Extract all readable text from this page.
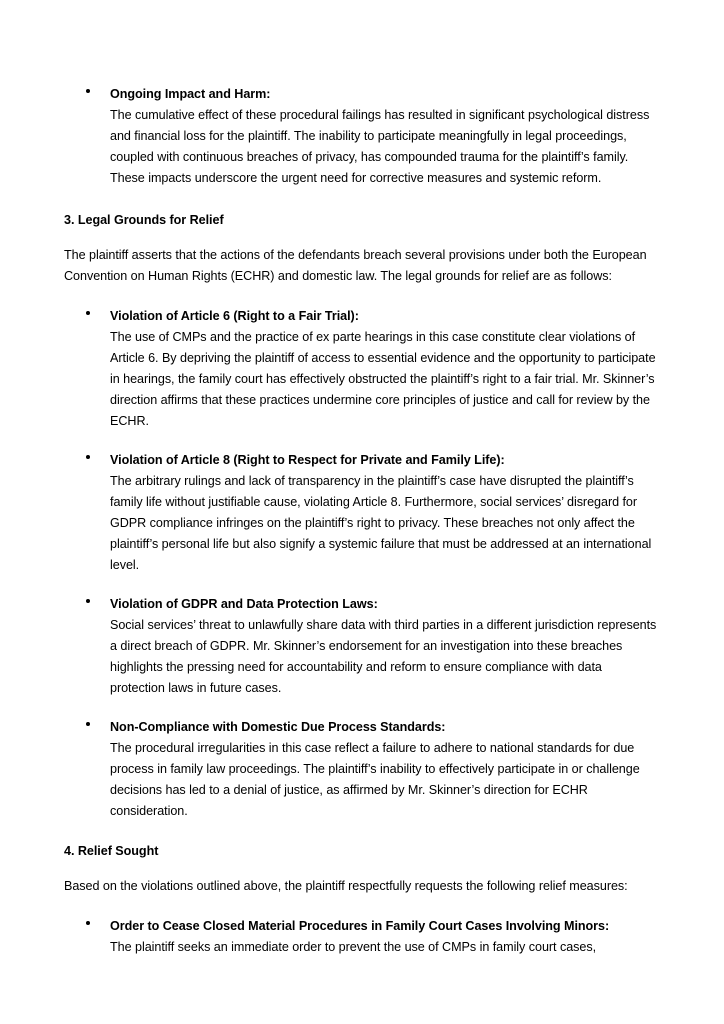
Ongoing Impact and Harm:
The cumulative effect of these procedural failings has resulted in significant psychological distress and financial loss for the plaintiff. The inability to participate meaningfully in legal proceedings, coupled with continuous breaches of privacy, has compounded trauma for the plaintiff’s family. These impacts underscore the urgent need for corrective measures and systemic reform.
3. Legal Grounds for Relief

The plaintiff asserts that the actions of the defendants breach several provisions under both the European Convention on Human Rights (ECHR) and domestic law. The legal grounds for relief are as follows:

Violation of Article 6 (Right to a Fair Trial):
The use of CMPs and the practice of ex parte hearings in this case constitute clear violations of Article 6. By depriving the plaintiff of access to essential evidence and the opportunity to participate in hearings, the family court has effectively obstructed the plaintiff’s right to a fair trial. Mr. Skinner’s direction affirms that these practices undermine core principles of justice and call for review by the ECHR.
Violation of Article 8 (Right to Respect for Private and Family Life):
The arbitrary rulings and lack of transparency in the plaintiff’s case have disrupted the plaintiff’s family life without justifiable cause, violating Article 8. Furthermore, social services’ disregard for GDPR compliance infringes on the plaintiff’s right to privacy. These breaches not only affect the plaintiff’s personal life but also signify a systemic failure that must be addressed at an international level.
Violation of GDPR and Data Protection Laws:
Social services’ threat to unlawfully share data with third parties in a different jurisdiction represents a direct breach of GDPR. Mr. Skinner’s endorsement for an investigation into these breaches highlights the pressing need for accountability and reform to ensure compliance with data protection laws in future cases.
Non-Compliance with Domestic Due Process Standards:
The procedural irregularities in this case reflect a failure to adhere to national standards for due process in family law proceedings. The plaintiff’s inability to effectively participate in or challenge decisions has led to a denial of justice, as affirmed by Mr. Skinner’s direction for ECHR consideration.
4. Relief Sought

Based on the violations outlined above, the plaintiff respectfully requests the following relief measures:

Order to Cease Closed Material Procedures in Family Court Cases Involving Minors:
The plaintiff seeks an immediate order to prevent the use of CMPs in family court cases,
